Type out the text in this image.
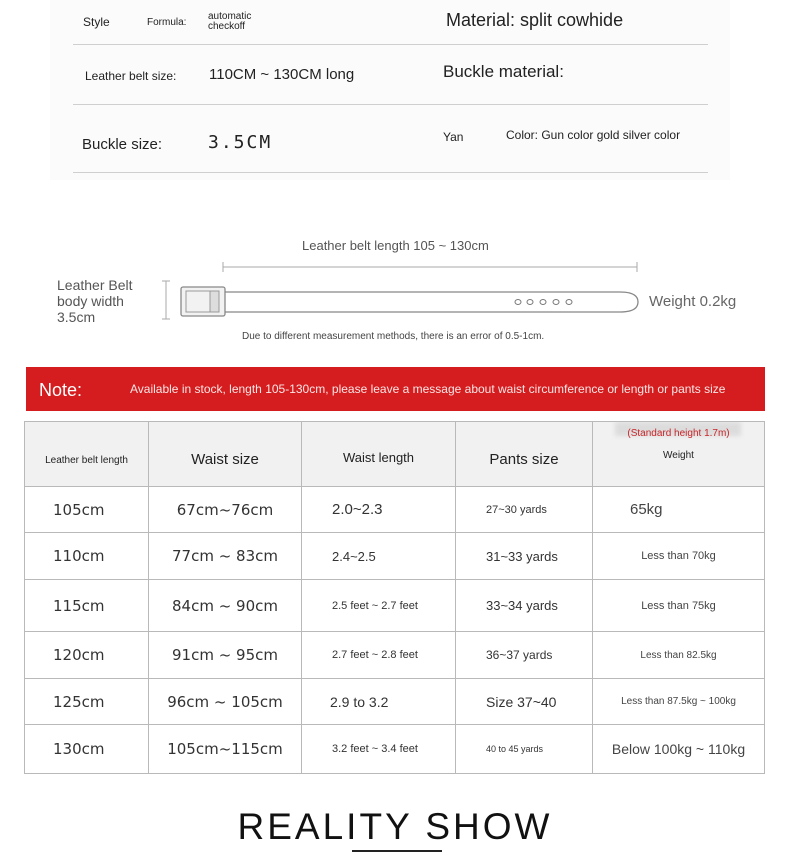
Style	Formula:
automatic
checkoff	Material: split cowhide
Leather belt size: 110CM ~ 130CM long	Buckle material:
Buckle size:	3.5CM	Yan	Color: Gun color gold silver color
Leather belt length 105 ~ 130cm
Leather Belt
body width
3.5cm
Weight 0.2kg
Due to different measurement methods, there is an error of 0.5-1cm.
Note:	Available in stock, length 105-130cm, please leave a message about waist circumference or length or pants size
Leather belt length	Waist size	Waist length	Pants size	(Standard height 1.7m)
Weight

105cm	67cm~76cm	2.0~2.3	27~30 yards	65kg
110cm	77cm ~ 83cm	2.4~2.5	31~33 yards	Less than 70kg
115cm	84cm ~ 90cm	2.5 feet ~ 2.7 feet	33~34 yards	Less than 75kg
120cm	91cm ~ 95cm	2.7 feet ~ 2.8 feet	36~37 yards	Less than 82.5kg
125cm	96cm ~ 105cm	2.9 to 3.2	Size 37~40	Less than 87.5kg ~ 100kg
130cm	105cm~115cm	3.2 feet ~ 3.4 feet	40 to 45 yards	Below 100kg ~ 110kg
REALITY SHOW
